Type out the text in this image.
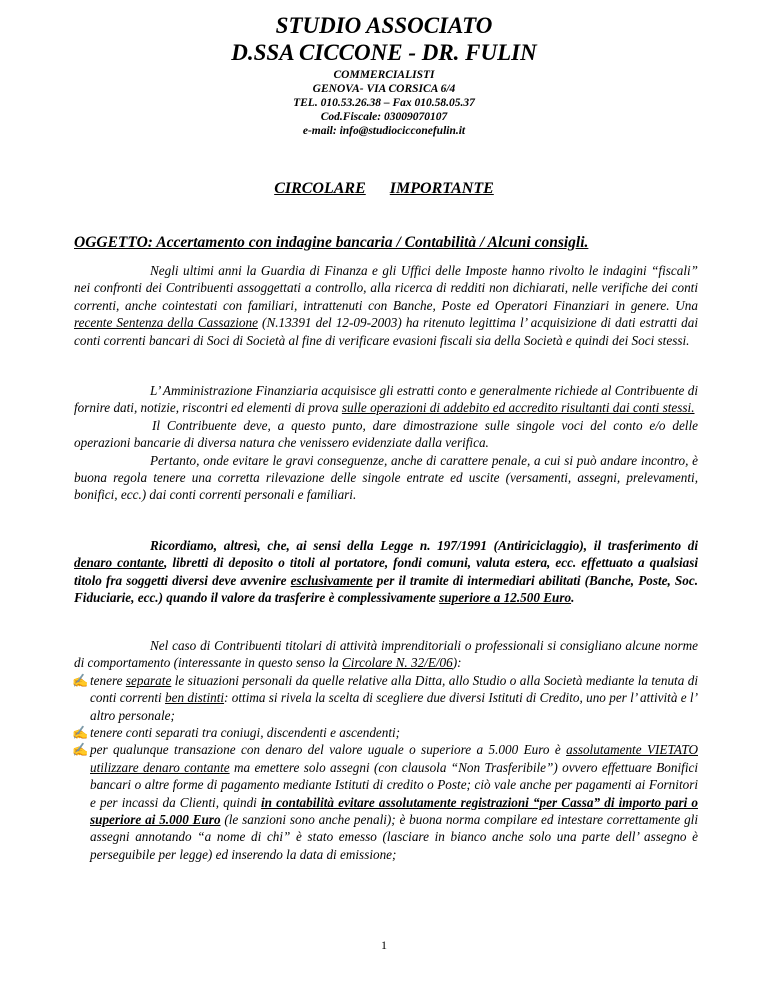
STUDIO ASSOCIATO
D.SSA CICCONE - DR. FULIN
COMMERCIALISTI
GENOVA- VIA CORSICA 6/4
TEL. 010.53.26.38 – Fax 010.58.05.37
Cod.Fiscale: 03009070107
e-mail: info@studiocicconefulin.it
CIRCOLARE IMPORTANTE
OGGETTO: Accertamento con indagine bancaria / Contabilità / Alcuni consigli.
Negli ultimi anni la Guardia di Finanza e gli Uffici delle Imposte hanno rivolto le indagini “fiscali” nei confronti dei Contribuenti assoggettati a controllo, alla ricerca di redditi non dichiarati, nelle verifiche dei conti correnti, anche cointestati con familiari, intrattenuti con Banche, Poste ed Operatori Finanziari in genere. Una recente Sentenza della Cassazione (N.13391 del 12-09-2003) ha ritenuto legittima l’ acquisizione di dati estratti dai conti correnti bancari di Soci di Società al fine di verificare evasioni fiscali sia della Società e quindi dei Soci stessi.
L’ Amministrazione Finanziaria acquisisce gli estratti conto e generalmente richiede al Contribuente di fornire dati, notizie, riscontri ed elementi di prova sulle operazioni di addebito ed accredito risultanti dai conti stessi.
Il Contribuente deve, a questo punto, dare dimostrazione sulle singole voci del conto e/o delle operazioni bancarie di diversa natura che venissero evidenziate dalla verifica.
Pertanto, onde evitare le gravi conseguenze, anche di carattere penale, a cui si può andare incontro, è buona regola tenere una corretta rilevazione delle singole entrate ed uscite (versamenti, assegni, prelevamenti, bonifici, ecc.) dai conti correnti personali e familiari.
Ricordiamo, altresì, che, ai sensi della Legge n. 197/1991 (Antiriciclaggio), il trasferimento di denaro contante, libretti di deposito o titoli al portatore, fondi comuni, valuta estera, ecc. effettuato a qualsiasi titolo fra soggetti diversi deve avvenire esclusivamente per il tramite di intermediari abilitati (Banche, Poste, Soc. Fiduciarie, ecc.) quando il valore da trasferire è complessivamente superiore a 12.500 Euro.
Nel caso di Contribuenti titolari di attività imprenditoriali o professionali si consigliano alcune norme di comportamento (interessante in questo senso la Circolare N. 32/E/06):
✍ tenere separate le situazioni personali da quelle relative alla Ditta, allo Studio o alla Società mediante la tenuta di conti correnti ben distinti: ottima si rivela la scelta di scegliere due diversi Istituti di Credito, uno per l’ attività e l’ altro personale;
✍ tenere conti separati tra coniugi, discendenti e ascendenti;
✍ per qualunque transazione con denaro del valore uguale o superiore a 5.000 Euro è assolutamente VIETATO utilizzare denaro contante ma emettere solo assegni (con clausola “Non Trasferibile”) ovvero effettuare Bonifici bancari o altre forme di pagamento mediante Istituti di credito o Poste; ciò vale anche per pagamenti ai Fornitori e per incassi da Clienti, quindi in contabilità evitare assolutamente registrazioni “per Cassa” di importo pari o superiore ai 5.000 Euro (le sanzioni sono anche penali); è buona norma compilare ed intestare correttamente gli assegni annotando “a nome di chi” è stato emesso (lasciare in bianco anche solo una parte dell’ assegno è perseguibile per legge) ed inserendo la data di emissione;
1
